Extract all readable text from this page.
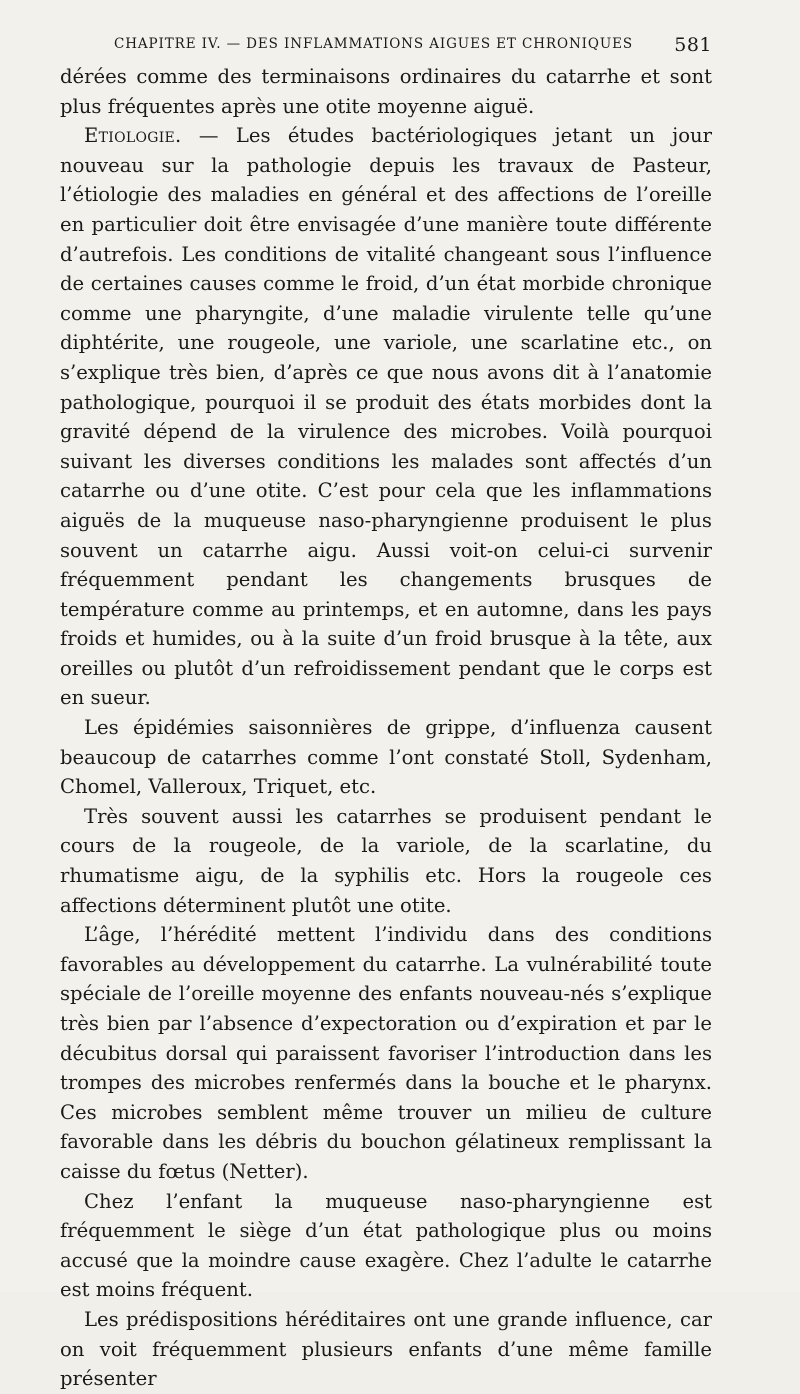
CHAPITRE IV. — DES INFLAMMATIONS AIGUES ET CHRONIQUES 581

dérées comme des terminaisons ordinaires du catarrhe et sont plus fréquentes après une otite moyenne aiguë.

Etiologie. — Les études bactériologiques jetant un jour nouveau sur la pathologie depuis les travaux de Pasteur, l’étiologie des maladies en général et des affections de l’oreille en particulier doit être envisagée d’une manière toute différente d’autrefois. Les conditions de vitalité changeant sous l’influence de certaines causes comme le froid, d’un état morbide chronique comme une pharyngite, d’une maladie virulente telle qu’une diphtérite, une rougeole, une variole, une scarlatine etc., on s’explique très bien, d’après ce que nous avons dit à l’anatomie pathologique, pourquoi il se produit des états morbides dont la gravité dépend de la virulence des microbes. Voilà pourquoi suivant les diverses conditions les malades sont affectés d’un catarrhe ou d’une otite. C’est pour cela que les inflammations aiguës de la muqueuse naso-pharyngienne produisent le plus souvent un catarrhe aigu. Aussi voit-on celui-ci survenir fréquemment pendant les changements brusques de température comme au printemps, et en automne, dans les pays froids et humides, ou à la suite d’un froid brusque à la tête, aux oreilles ou plutôt d’un refroidissement pendant que le corps est en sueur.

Les épidémies saisonnières de grippe, d’influenza causent beaucoup de catarrhes comme l’ont constaté Stoll, Sydenham, Chomel, Valleroux, Triquet, etc.

Très souvent aussi les catarrhes se produisent pendant le cours de la rougeole, de la variole, de la scarlatine, du rhumatisme aigu, de la syphilis etc. Hors la rougeole ces affections déterminent plutôt une otite.

L’âge, l’hérédité mettent l’individu dans des conditions favorables au développement du catarrhe. La vulnérabilité toute spéciale de l’oreille moyenne des enfants nouveau-nés s’explique très bien par l’absence d’expectoration ou d’expiration et par le décubitus dorsal qui paraissent favoriser l’introduction dans les trompes des microbes renfermés dans la bouche et le pharynx. Ces microbes semblent même trouver un milieu de culture favorable dans les débris du bouchon gélatineux remplissant la caisse du fœtus (Netter).

Chez l’enfant la muqueuse naso-pharyngienne est fréquemment le siège d’un état pathologique plus ou moins accusé que la moindre cause exagère. Chez l’adulte le catarrhe est moins fréquent.

Les prédispositions héréditaires ont une grande influence, car on voit fréquemment plusieurs enfants d’une même famille présenter
